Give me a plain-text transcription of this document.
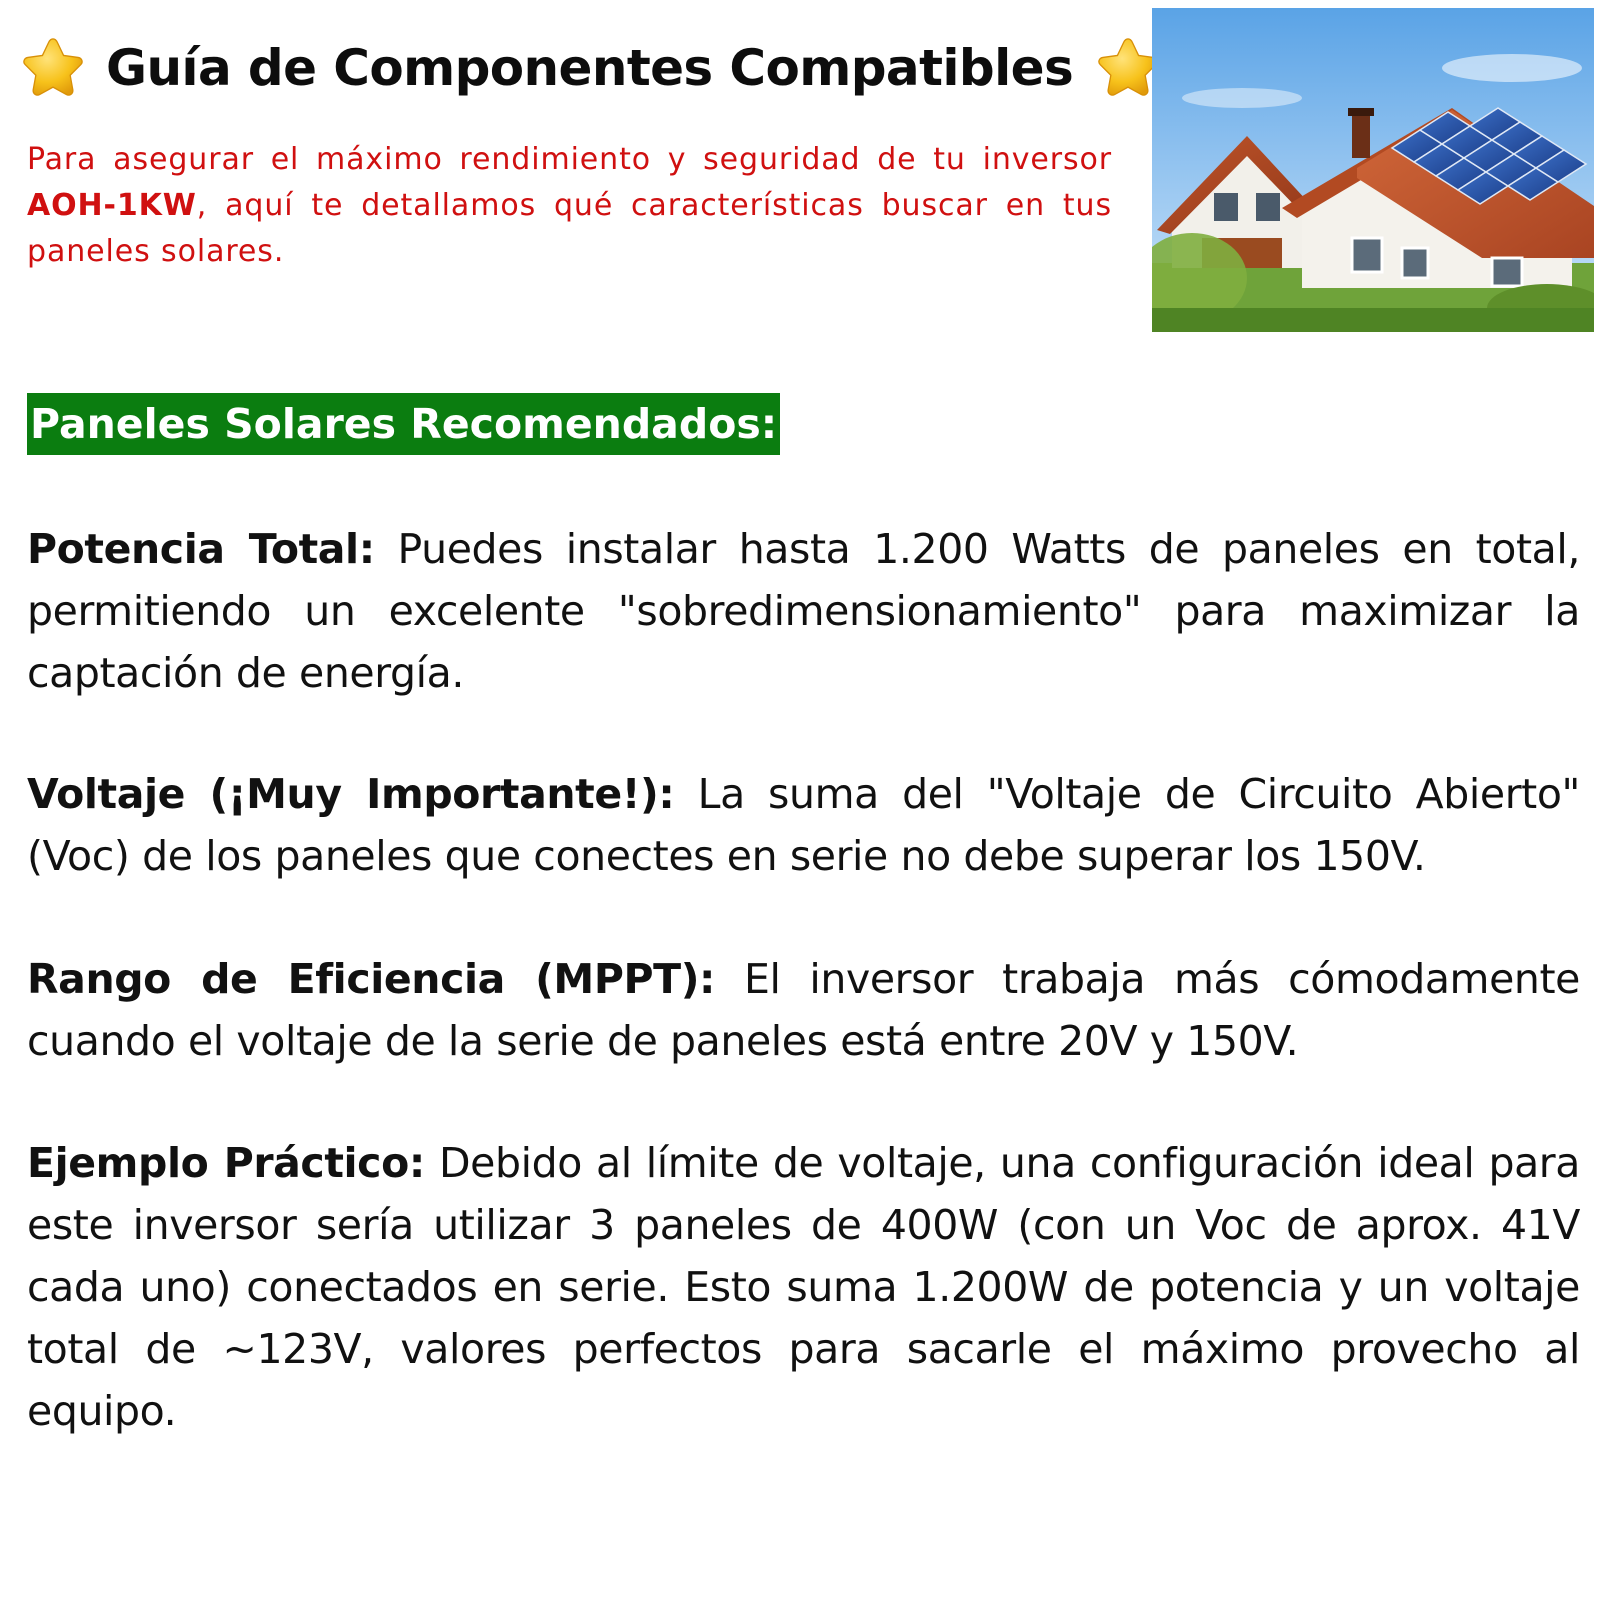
Guía de Componentes Compatibles

Para asegurar el máximo rendimiento y seguridad de tu inversor AOH-1KW, aquí te detallamos qué características buscar en tus paneles solares.

Paneles Solares Recomendados:

Potencia Total: Puedes instalar hasta 1.200 Watts de paneles en total, permitiendo un excelente "sobredimensionamiento" para maximizar la captación de energía.

Voltaje (¡Muy Importante!): La suma del "Voltaje de Circuito Abierto" (Voc) de los paneles que conectes en serie no debe superar los 150V.

Rango de Eficiencia (MPPT): El inversor trabaja más cómodamente cuando el voltaje de la serie de paneles está entre 20V y 150V.

Ejemplo Práctico: Debido al límite de voltaje, una configuración ideal para este inversor sería utilizar 3 paneles de 400W (con un Voc de aprox. 41V cada uno) conectados en serie. Esto suma 1.200W de potencia y un voltaje total de ~123V, valores perfectos para sacarle el máximo provecho al equipo.
